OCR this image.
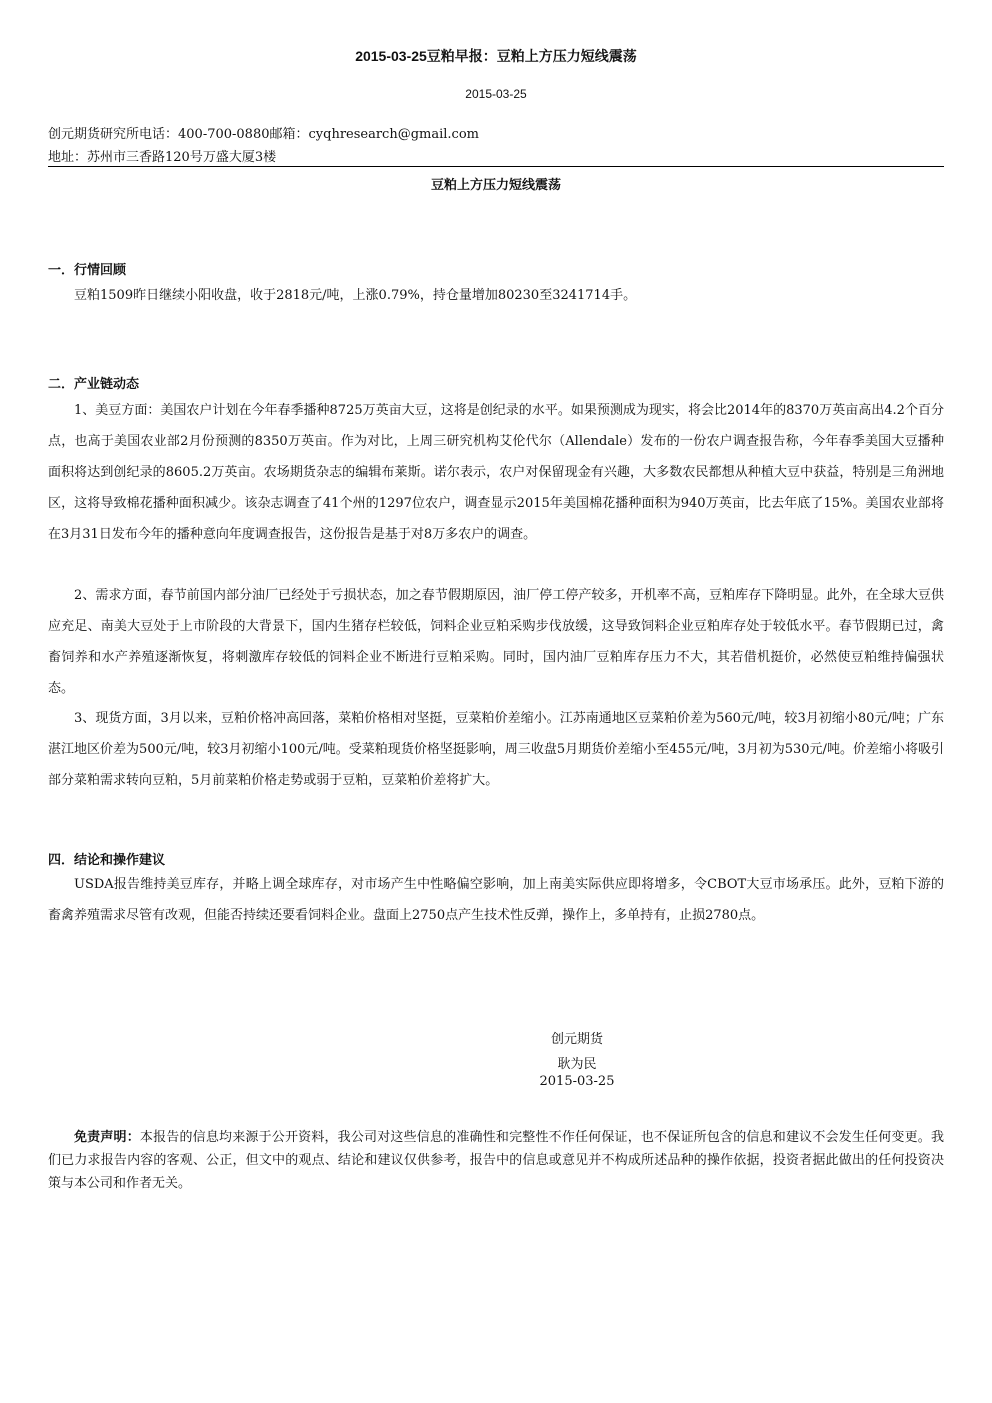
2015-03-25豆粕早报：豆粕上方压力短线震荡
2015-03-25
创元期货研究所电话：400-700-0880邮箱：cyqhresearch@gmail.com
地址：苏州市三香路120号万盛大厦3楼
豆粕上方压力短线震荡
一．行情回顾

豆粕1509昨日继续小阳收盘，收于2818元/吨，上涨0.79%，持仓量增加80230至3241714手。

二．产业链动态

1、美豆方面：美国农户计划在今年春季播种8725万英亩大豆，这将是创纪录的水平。如果预测成为现实，将会比2014年的8370万英亩高出4.2个百分点，也高于美国农业部2月份预测的8350万英亩。作为对比，上周三研究机构艾伦代尔（Allendale）发布的一份农户调查报告称，今年春季美国大豆播种面积将达到创纪录的8605.2万英亩。农场期货杂志的编辑布莱斯。诺尔表示，农户对保留现金有兴趣，大多数农民都想从种植大豆中获益，特别是三角洲地区，这将导致棉花播种面积减少。该杂志调查了41个州的1297位农户，调查显示2015年美国棉花播种面积为940万英亩，比去年底了15%。美国农业部将在3月31日发布今年的播种意向年度调查报告，这份报告是基于对8万多农户的调查。

2、需求方面，春节前国内部分油厂已经处于亏损状态，加之春节假期原因，油厂停工停产较多，开机率不高，豆粕库存下降明显。此外，在全球大豆供应充足、南美大豆处于上市阶段的大背景下，国内生猪存栏较低，饲料企业豆粕采购步伐放缓，这导致饲料企业豆粕库存处于较低水平。春节假期已过，禽畜饲养和水产养殖逐渐恢复，将刺激库存较低的饲料企业不断进行豆粕采购。同时，国内油厂豆粕库存压力不大，其若借机挺价，必然使豆粕维持偏强状态。

3、现货方面，3月以来，豆粕价格冲高回落，菜粕价格相对坚挺，豆菜粕价差缩小。江苏南通地区豆菜粕价差为560元/吨，较3月初缩小80元/吨；广东湛江地区价差为500元/吨，较3月初缩小100元/吨。受菜粕现货价格坚挺影响，周三收盘5月期货价差缩小至455元/吨，3月初为530元/吨。价差缩小将吸引部分菜粕需求转向豆粕，5月前菜粕价格走势或弱于豆粕，豆菜粕价差将扩大。

四．结论和操作建议

USDA报告维持美豆库存，并略上调全球库存，对市场产生中性略偏空影响，加上南美实际供应即将增多，令CBOT大豆市场承压。此外，豆粕下游的畜禽养殖需求尽管有改观，但能否持续还要看饲料企业。盘面上2750点产生技术性反弹，操作上，多单持有，止损2780点。

创元期货
耿为民
2015-03-25

免责声明：本报告的信息均来源于公开资料，我公司对这些信息的准确性和完整性不作任何保证，也不保证所包含的信息和建议不会发生任何变更。我们已力求报告内容的客观、公正，但文中的观点、结论和建议仅供参考，报告中的信息或意见并不构成所述品种的操作依据，投资者据此做出的任何投资决策与本公司和作者无关。
